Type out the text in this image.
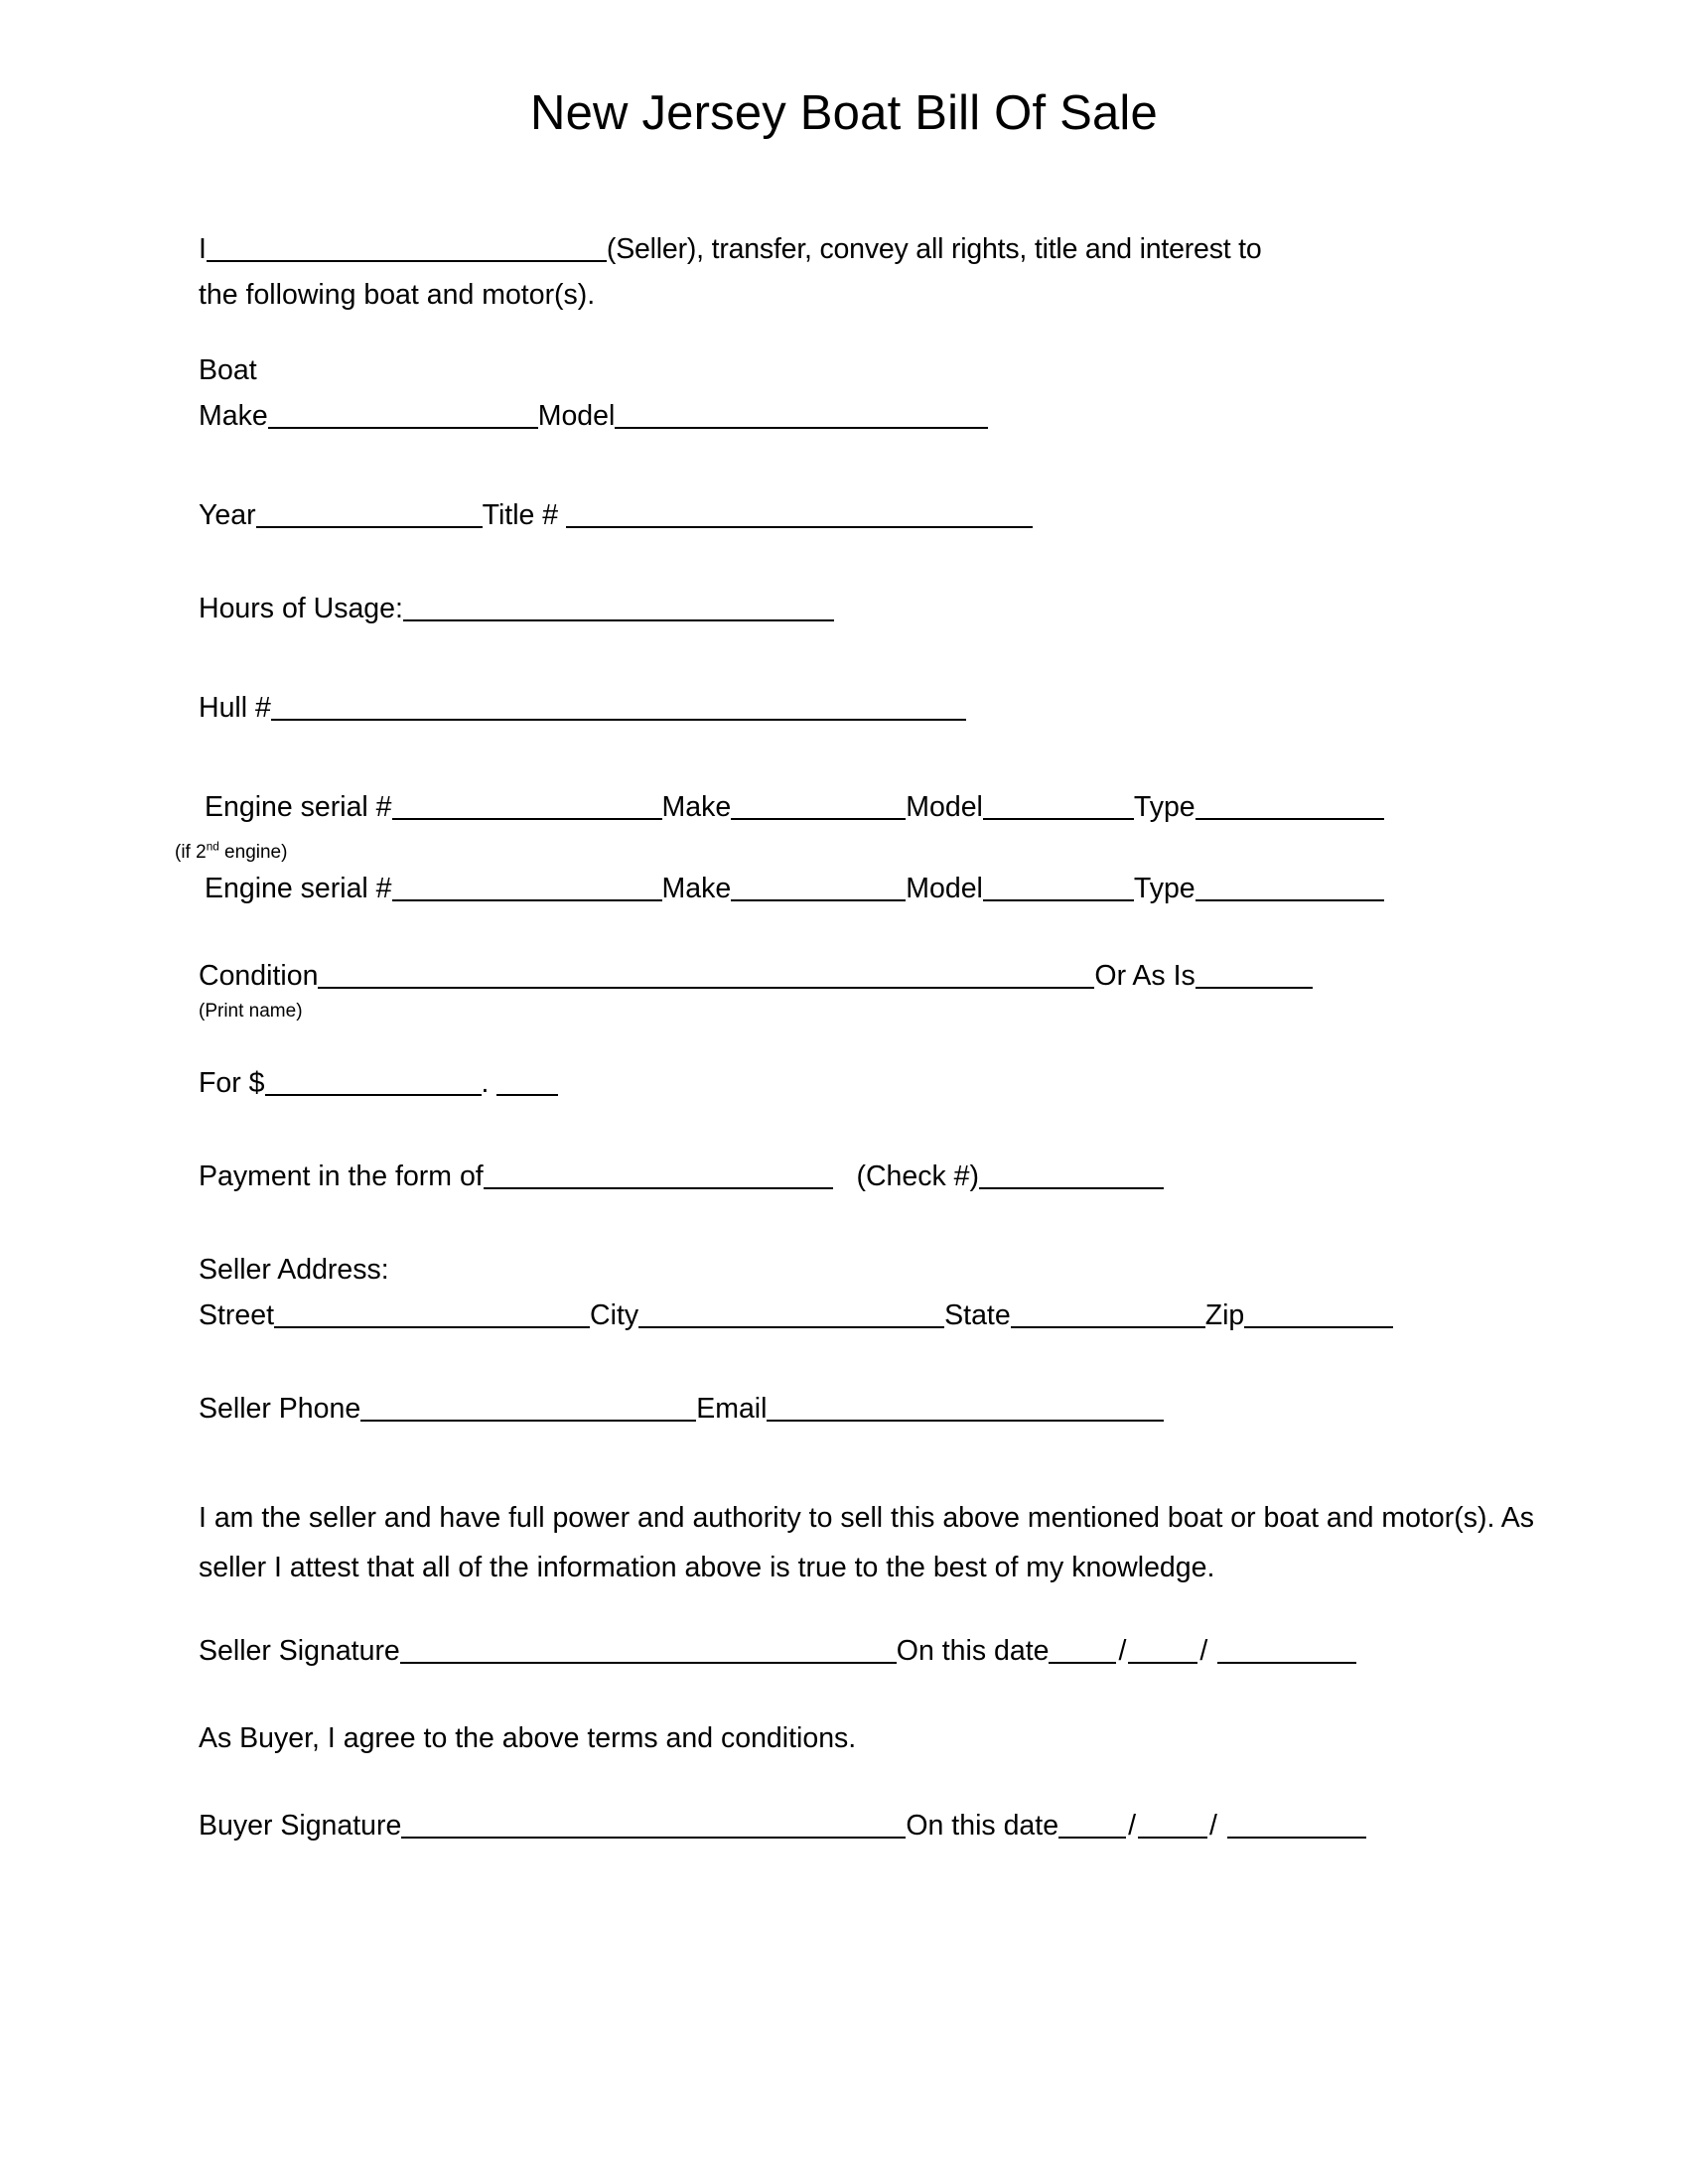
New Jersey Boat Bill Of Sale
I	(Seller), transfer, convey all rights, title and interest to
the following boat and motor(s).
Boat
Make	Model
Year	Title #
Hours of Usage:
Hull #
Engine serial #	Make	Model	Type
(if 2nd engine)
Engine serial #	Make	Model	Type
Condition	Or As Is
(Print name)
For $	.
Payment in the form of	(Check #)
Seller Address:
Street	City	State	Zip
Seller Phone	Email
I am the seller and have full power and authority to sell this above mentioned boat or boat and motor(s). As seller I attest that all of the information above is true to the best of my knowledge.
Seller Signature	On this date /	/
As Buyer, I agree to the above terms and conditions.
Buyer Signature	On this date /	/
